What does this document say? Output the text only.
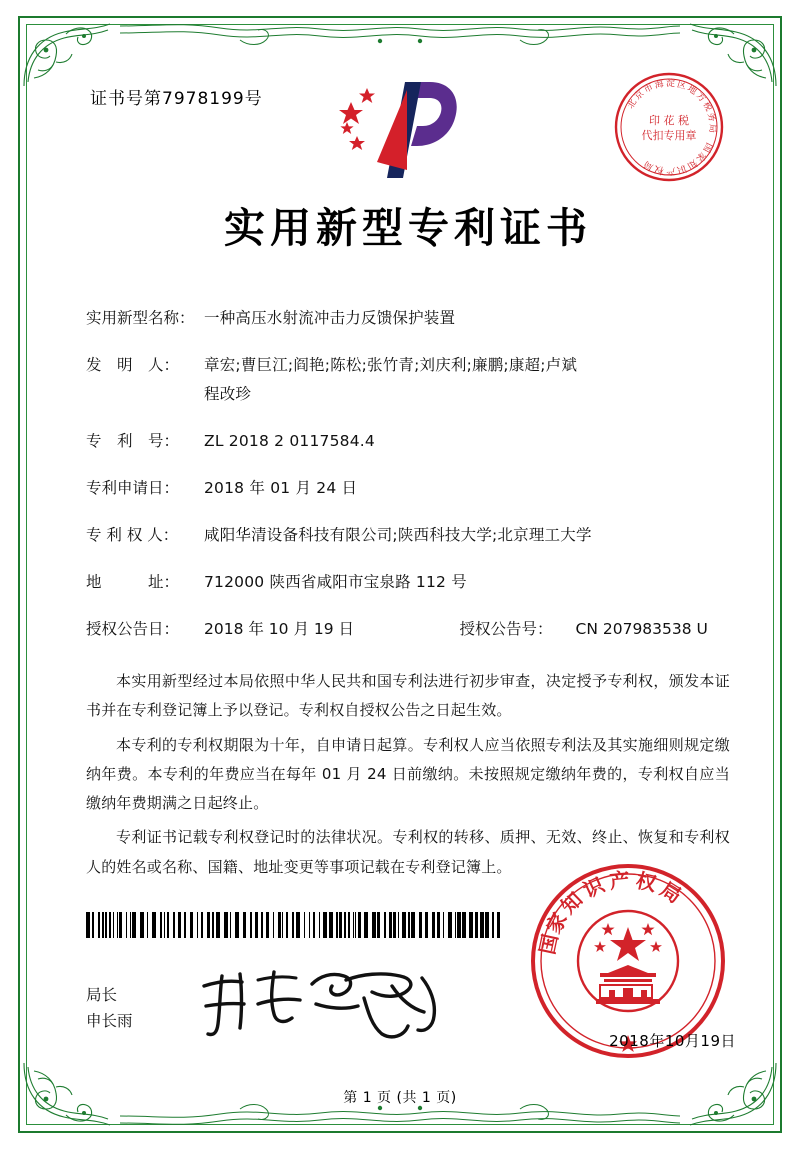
证书号第7978199号	北
京
市
海 淀 区
地
方
税
务
局
国
家
知
识
产
权
局
印 花 税
代扣专用章
实用新型专利证书
实用新型名称： 一种高压水射流冲击力反馈保护装置
发　明　人：	章宏;曹巨江;阎艳;陈松;张竹青;刘庆利;廉鹏;康超;卢斌
程改珍
专　利　号：	ZL 2018 2 0117584.4
专利申请日：	2018 年 01 月 24 日
专 利 权 人：	咸阳华清设备科技有限公司;陕西科技大学;北京理工大学
地　　　址：	712000 陕西省咸阳市宝泉路 112 号
授权公告日：	2018 年 10 月 19 日	授权公告号：	CN 207983538 U

本实用新型经过本局依照中华人民共和国专利法进行初步审查，决定授予专利权，颁发本证书并在专利登记簿上予以登记。专利权自授权公告之日起生效。

本专利的专利权期限为十年，自申请日起算。专利权人应当依照专利法及其实施细则规定缴纳年费。本专利的年费应当在每年 01 月 24 日前缴纳。未按照规定缴纳年费的，专利权自应当缴纳年费期满之日起终止。

专利证书记载专利权登记时的法律状况。专利权的转移、质押、无效、终止、恢复和专利权人的姓名或名称、国籍、地址变更等事项记载在专利登记簿上。

局长
申长雨
家
知
识 产 权
局
国
2018年10月19日
第 1 页 (共 1 页)
